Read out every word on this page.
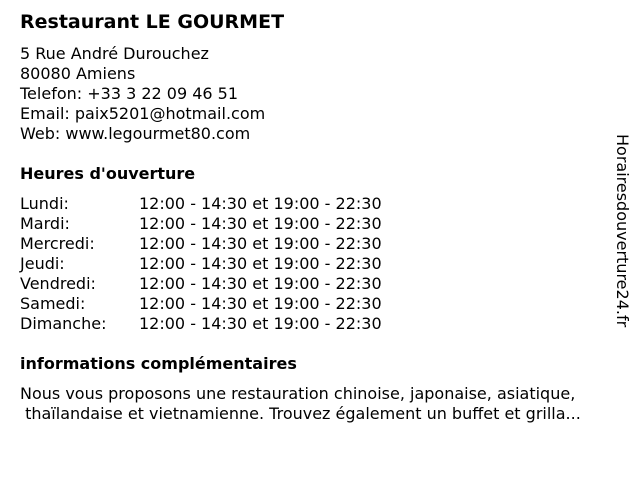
Restaurant LE GOURMET
5 Rue André Durouchez
80080 Amiens
Telefon: +33 3 22 09 46 51
Email: paix5201@hotmail.com
Web: www.legourmet80.com
Heures d'ouverture
Lundi:	12:00 - 14:30 et 19:00 - 22:30
Mardi:	12:00 - 14:30 et 19:00 - 22:30
Mercredi:	12:00 - 14:30 et 19:00 - 22:30
Jeudi:	12:00 - 14:30 et 19:00 - 22:30
Vendredi:	12:00 - 14:30 et 19:00 - 22:30
Samedi:	12:00 - 14:30 et 19:00 - 22:30
Dimanche:	12:00 - 14:30 et 19:00 - 22:30
informations complémentaires
Nous vous proposons une restauration chinoise, japonaise, asiatique,
thaïlandaise et vietnamienne. Trouvez également un buffet et grilla...
Horairesdouverture24.fr
